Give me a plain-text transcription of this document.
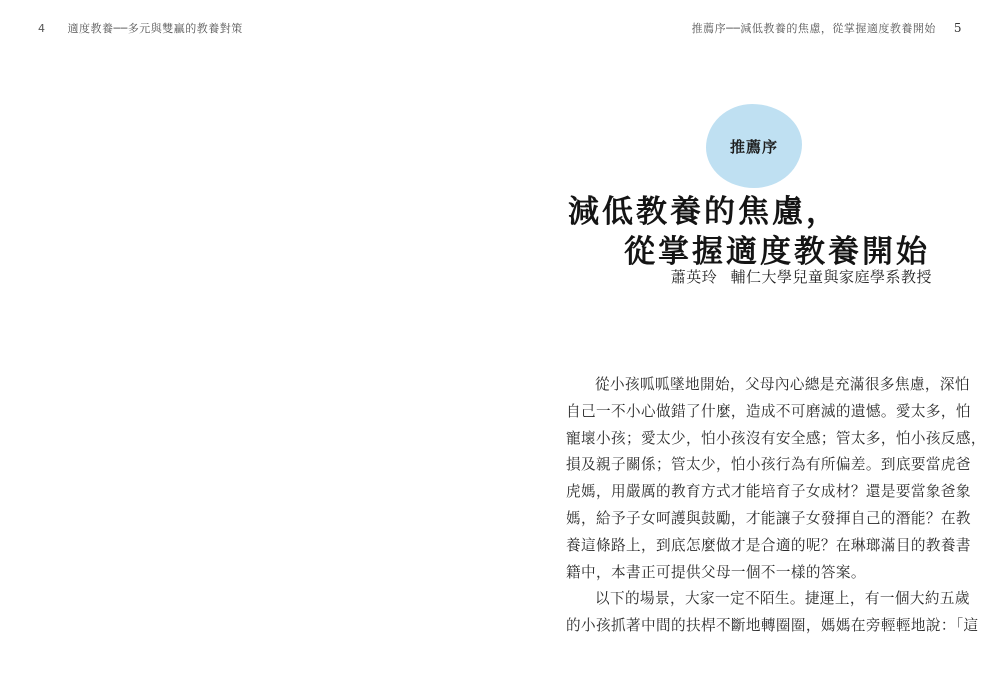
4 適度教養──多元與雙贏的教養對策	推薦序──減低教養的焦慮，從掌握適度教養開始 5
推薦序
減低教養的焦慮，
從掌握適度教養開始
蕭英玲 輔仁大學兒童與家庭學系教授
從小孩呱呱墜地開始，父母內心總是充滿很多焦慮，深怕
自己一不小心做錯了什麼，造成不可磨滅的遺憾。愛太多，怕
寵壞小孩；愛太少，怕小孩沒有安全感；管太多，怕小孩反感，
損及親子關係；管太少，怕小孩行為有所偏差。到底要當虎爸
虎媽，用嚴厲的教育方式才能培育子女成材？還是要當象爸象
媽，給予子女呵護與鼓勵，才能讓子女發揮自己的潛能？在教
養這條路上，到底怎麼做才是合適的呢？在琳瑯滿目的教養書
籍中，本書正可提供父母一個不一樣的答案。
以下的場景，大家一定不陌生。捷運上，有一個大約五歲
的小孩抓著中間的扶桿不斷地轉圈圈，媽媽在旁輕輕地說：「這
